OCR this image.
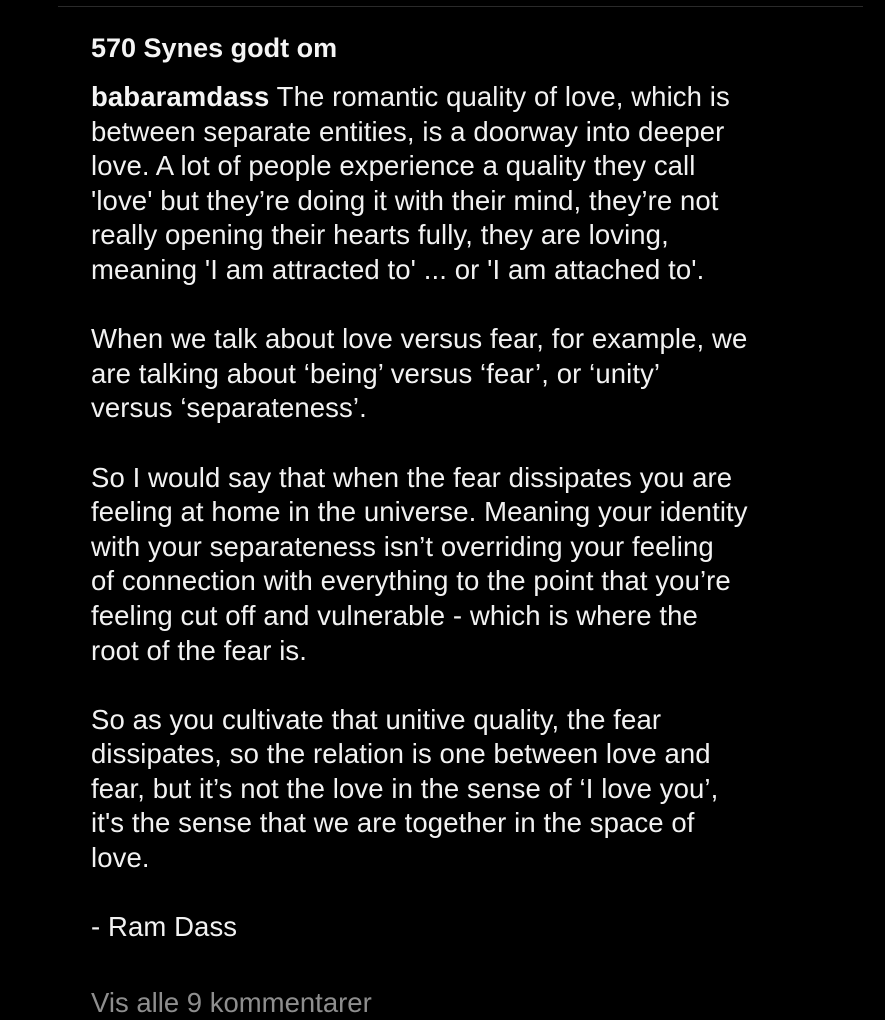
570 Synes godt om

babaramdass The romantic quality of love, which is
between separate entities, is a doorway into deeper
love. A lot of people experience a quality they call
'love' but they’re doing it with their mind, they’re not
really opening their hearts fully, they are loving,
meaning 'I am attracted to' ... or 'I am attached to'.

When we talk about love versus fear, for example, we
are talking about ‘being’ versus ‘fear’, or ‘unity’
versus ‘separateness’.

So I would say that when the fear dissipates you are
feeling at home in the universe. Meaning your identity
with your separateness isn’t overriding your feeling
of connection with everything to the point that you’re
feeling cut off and vulnerable - which is where the
root of the fear is.

So as you cultivate that unitive quality, the fear
dissipates, so the relation is one between love and
fear, but it’s not the love in the sense of ‘I love you’,
it's the sense that we are together in the space of
love.

- Ram Dass

Vis alle 9 kommentarer
